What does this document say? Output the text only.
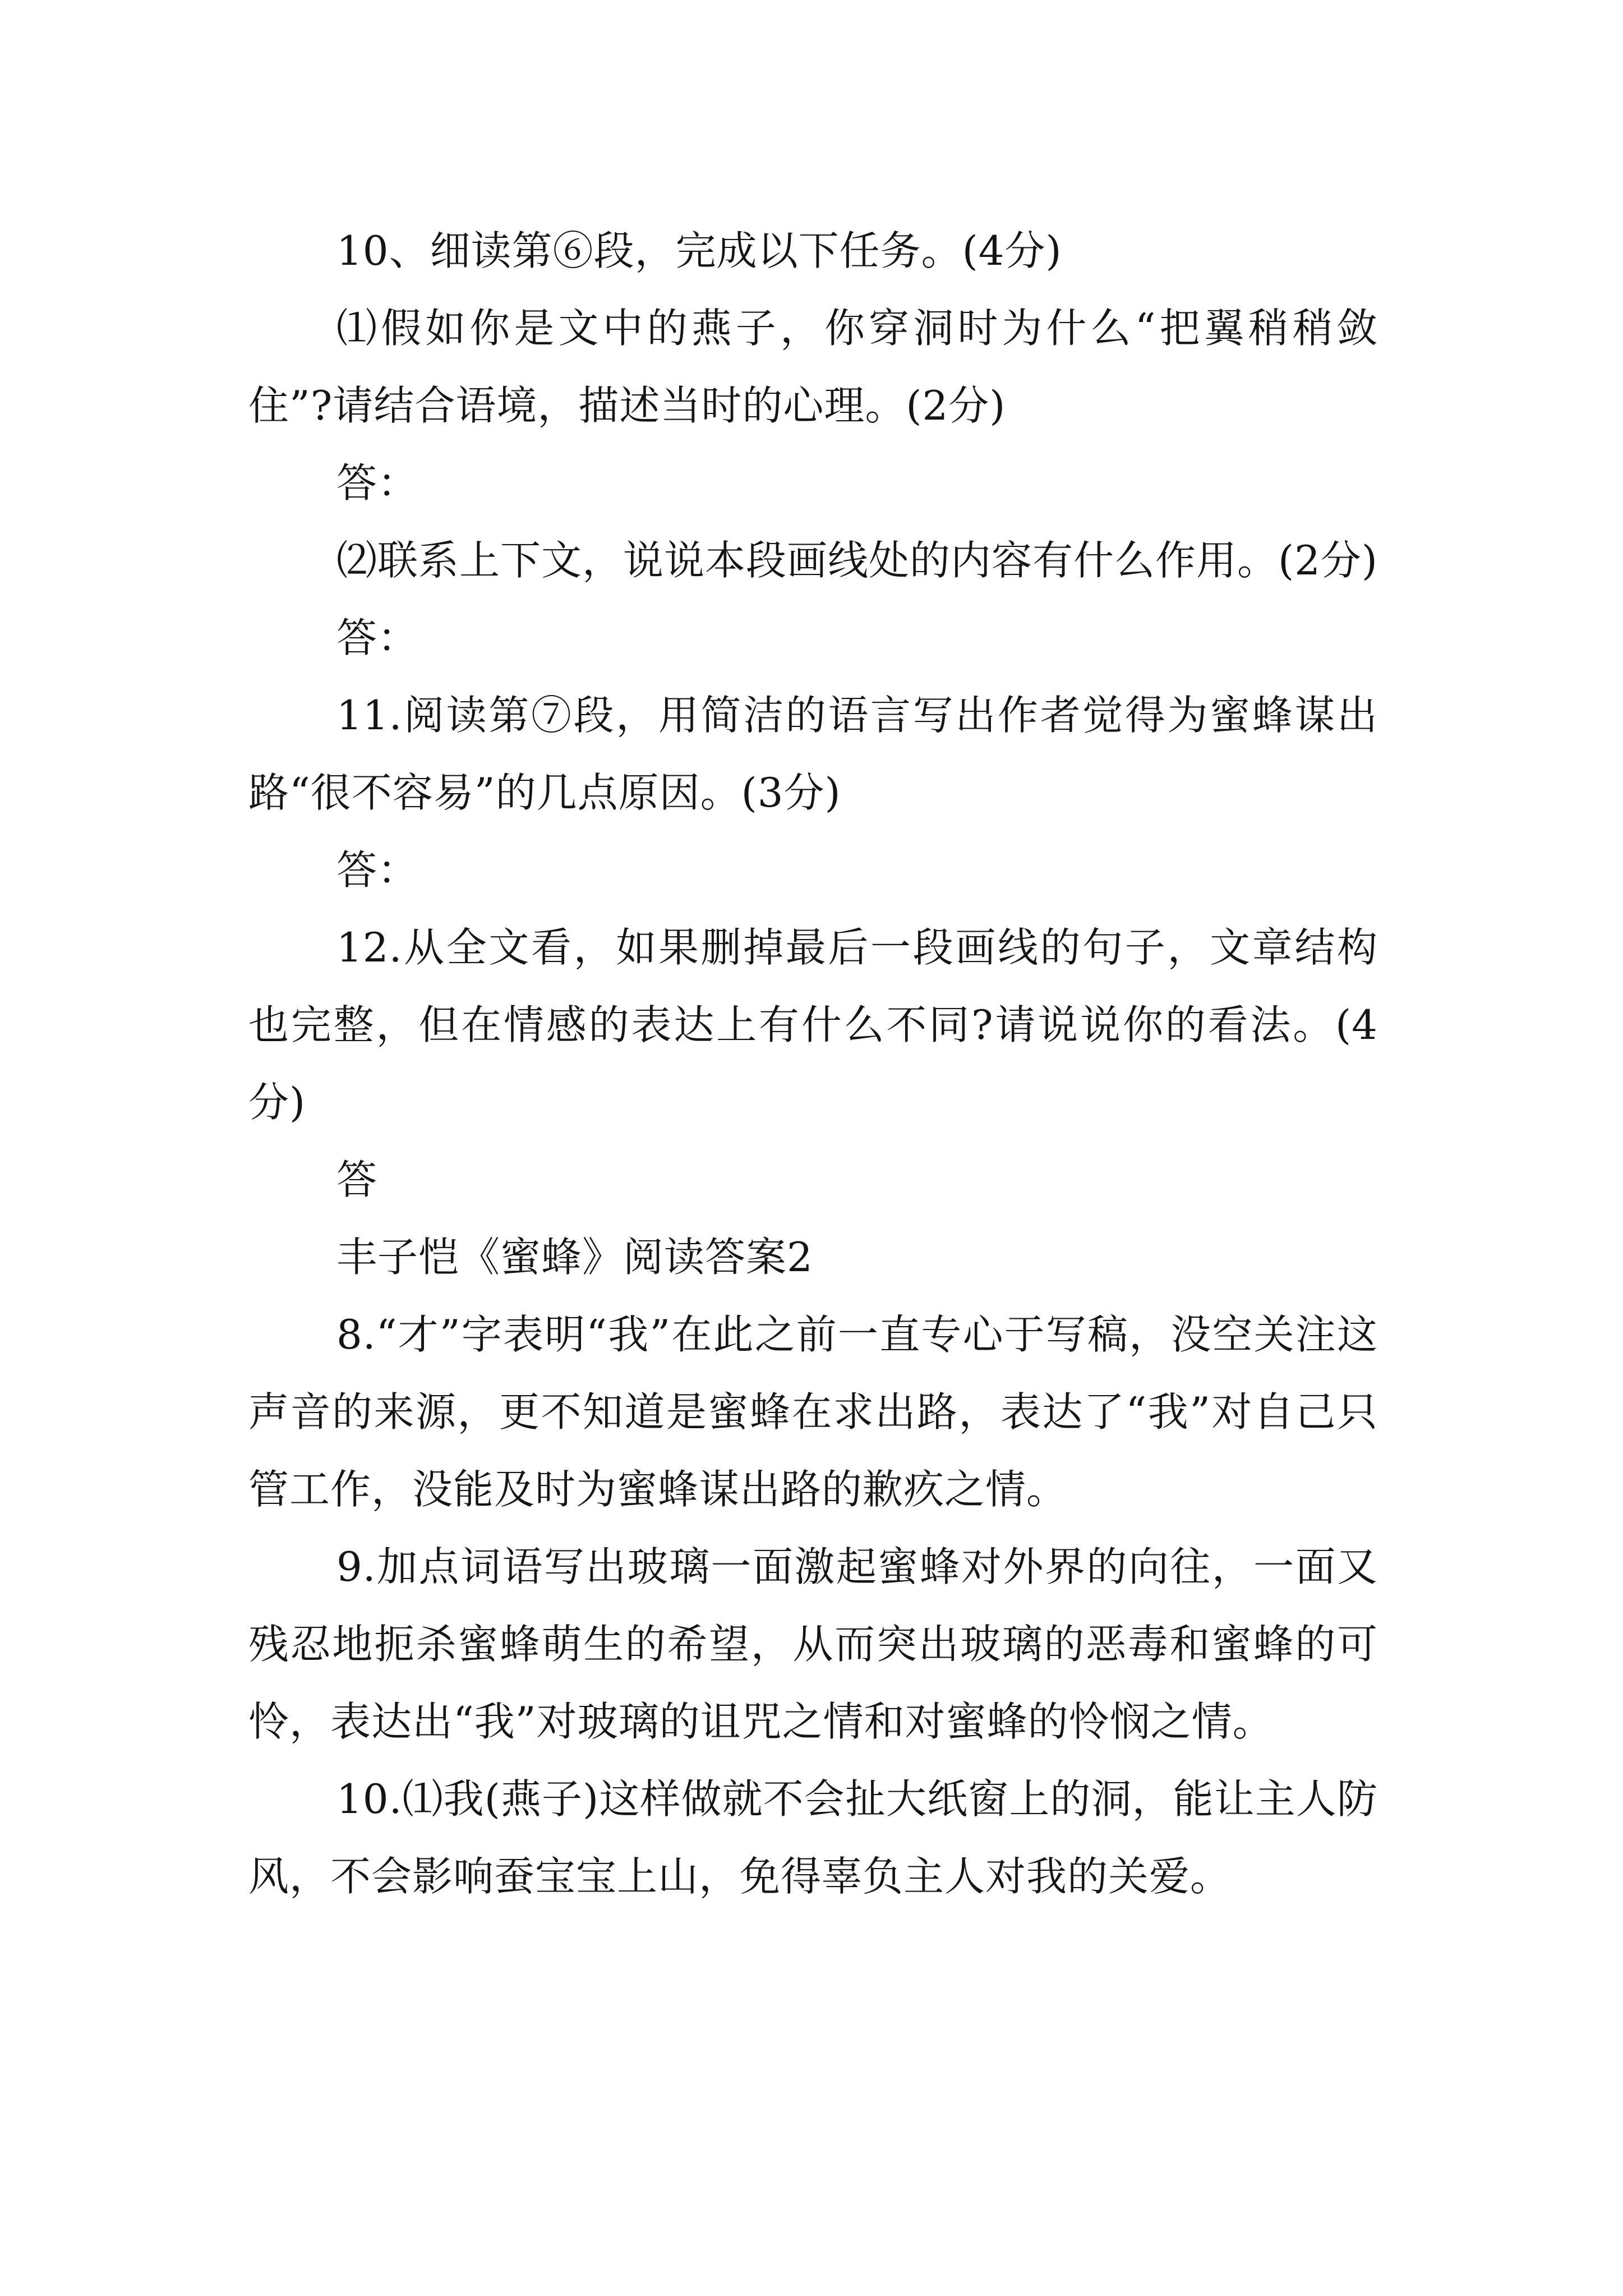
10、细读第⑥段，完成以下任务。(4分)

⑴假如你是文中的燕子，你穿洞时为什么“把翼稍稍敛住”?请结合语境，描述当时的心理。(2分)

答：

⑵联系上下文，说说本段画线处的内容有什么作用。(2分)

答：

11.阅读第⑦段，用简洁的语言写出作者觉得为蜜蜂谋出路“很不容易”的几点原因。(3分)

答：

12.从全文看，如果删掉最后一段画线的句子，文章结构也完整，但在情感的表达上有什么不同?请说说你的看法。(4分)

答

丰子恺《蜜蜂》阅读答案2

8.“才”字表明“我”在此之前一直专心于写稿，没空关注这声音的来源，更不知道是蜜蜂在求出路，表达了“我”对自己只管工作，没能及时为蜜蜂谋出路的歉疚之情。

9.加点词语写出玻璃一面激起蜜蜂对外界的向往，一面又残忍地扼杀蜜蜂萌生的希望，从而突出玻璃的恶毒和蜜蜂的可怜，表达出“我”对玻璃的诅咒之情和对蜜蜂的怜悯之情。

10.⑴我(燕子)这样做就不会扯大纸窗上的洞，能让主人防风，不会影响蚕宝宝上山，免得辜负主人对我的关爱。
